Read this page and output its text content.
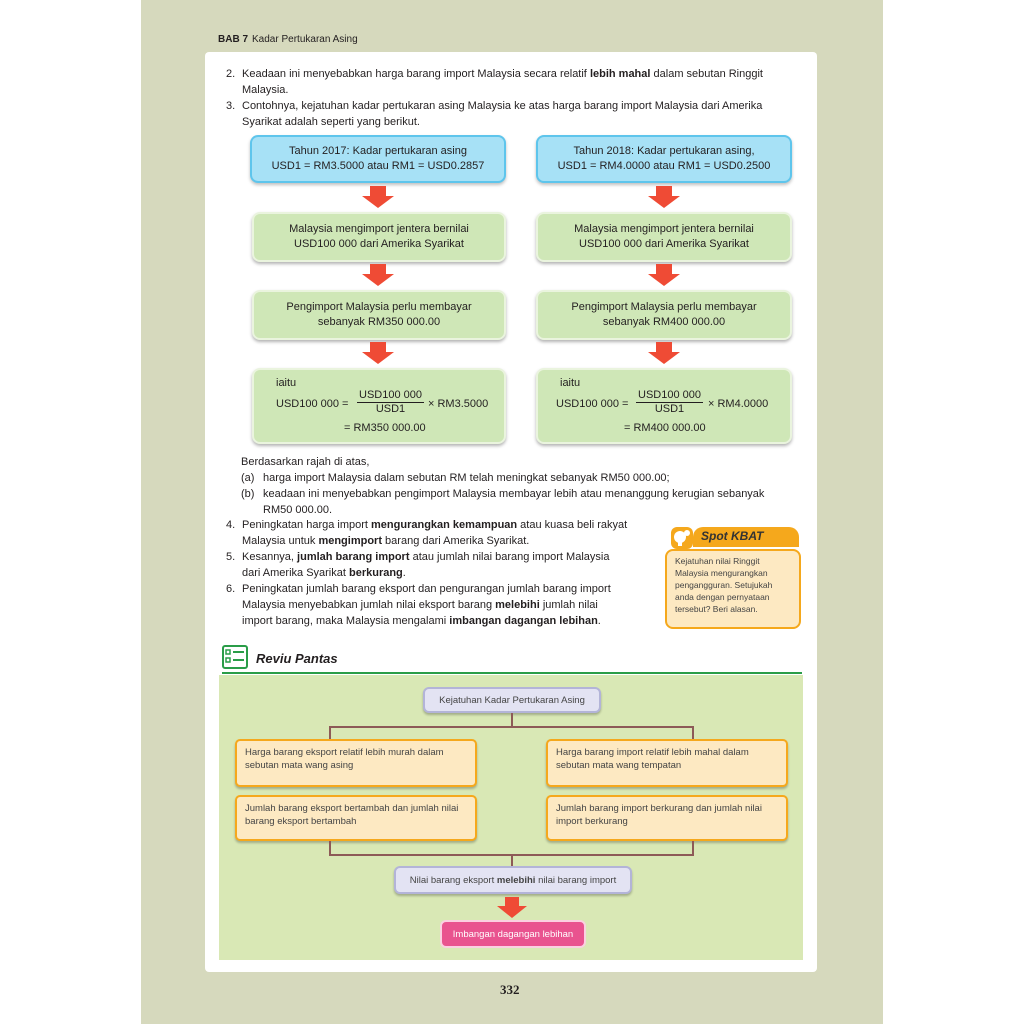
BAB 7 Kadar Pertukaran Asing
2. Keadaan ini menyebabkan harga barang import Malaysia secara relatif lebih mahal dalam sebutan Ringgit
Malaysia.
3. Contohnya, kejatuhan kadar pertukaran asing Malaysia ke atas harga barang import Malaysia dari Amerika
Syarikat adalah seperti yang berikut.
Tahun 2017: Kadar pertukaran asing
USD1 = RM3.5000 atau RM1 = USD0.2857
Malaysia mengimport jentera bernilai
USD100 000 dari Amerika Syarikat
Pengimport Malaysia perlu membayar
sebanyak RM350 000.00
iaitu
USD100 $000 = \frac{\text{USD100 000}}{\text{USD1}} \times RM3.5000$
= RM350 000.00
Tahun 2018: Kadar pertukaran asing,
USD1 = RM4.0000 atau RM1 = USD0.2500
Malaysia mengimport jentera bernilai
USD100 000 dari Amerika Syarikat
Pengimport Malaysia perlu membayar
sebanyak RM400 000.00
iaitu
USD100 $000 = \frac{\text{USD100 000}}{\text{USD1}} \times RM4.0000$
= RM400 000.00
Berdasarkan rajah di atas,
(a) harga import Malaysia dalam sebutan RM telah meningkat sebanyak RM50 000.00;
(b) keadaan ini menyebabkan pengimport Malaysia membayar lebih atau menanggung kerugian sebanyak
RM50 000.00.
4. Peningkatan harga import mengurangkan kemampuan atau kuasa beli rakyat
Malaysia untuk mengimport barang dari Amerika Syarikat.
5. Kesannya, jumlah barang import atau jumlah nilai barang import Malaysia
dari Amerika Syarikat berkurang.
6. Peningkatan jumlah barang eksport dan pengurangan jumlah barang import
Malaysia menyebabkan jumlah nilai eksport barang melebihi jumlah nilai
import barang, maka Malaysia mengalami imbangan dagangan lebihan.
Kejatuhan nilai Ringgit
Malaysia mengurangkan
pengangguran. Setujukah
anda dengan pernyataan
tersebut? Beri alasan.
Spot KBAT
Reviu Pantas
Kejatuhan Kadar Pertukaran Asing
Harga barang eksport relatif lebih murah dalam
sebutan mata wang asing
Harga barang import relatif lebih mahal dalam
sebutan mata wang tempatan
Jumlah barang eksport bertambah dan jumlah nilai
barang eksport bertambah
Jumlah barang import berkurang dan jumlah nilai
import berkurang
Nilai barang eksport melebihi nilai barang import
Imbangan dagangan lebihan
332
